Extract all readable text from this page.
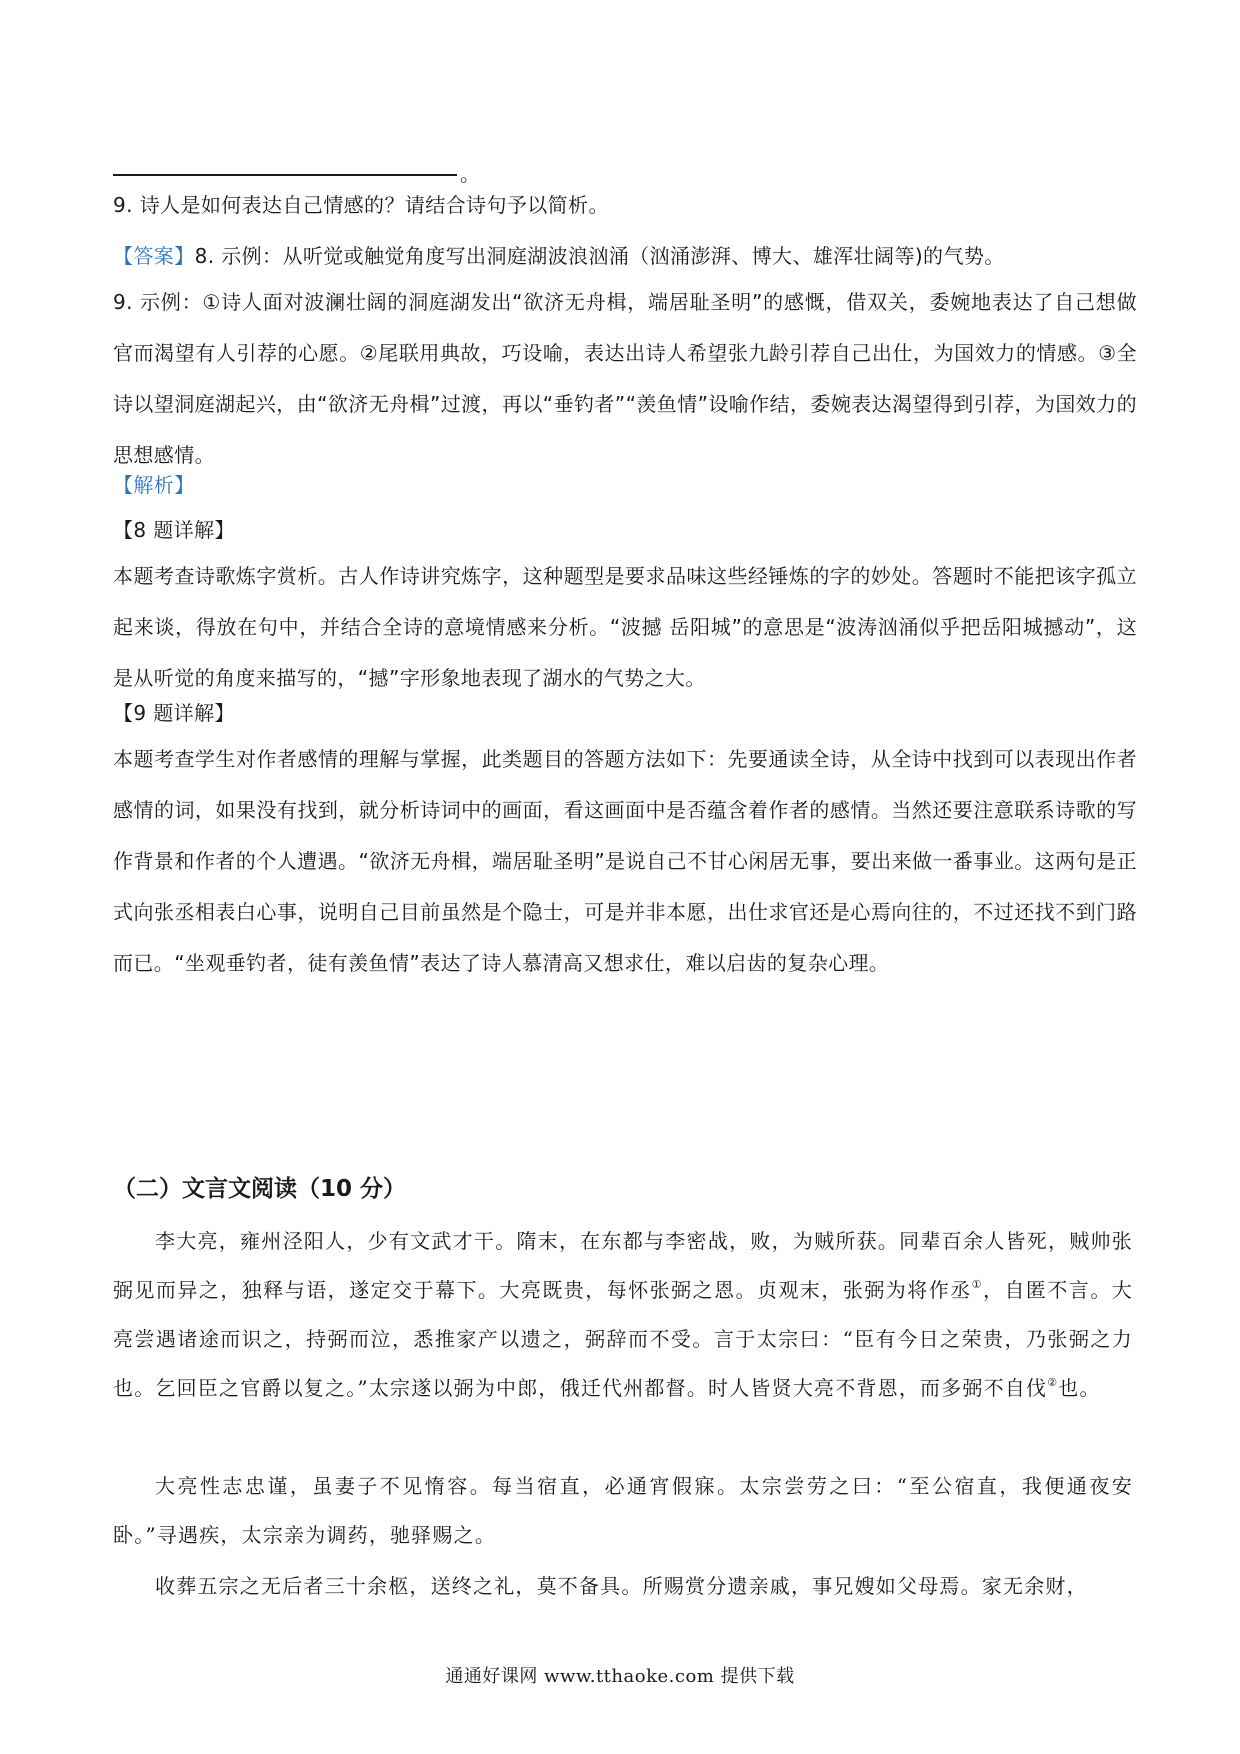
。

9. 诗人是如何表达自己情感的？请结合诗句予以简析。

【答案】8. 示例：从听觉或触觉角度写出洞庭湖波浪汹涌（汹涌澎湃、博大、雄浑壮阔等)的气势。

9. 示例：①诗人面对波澜壮阔的洞庭湖发出“欲济无舟楫，端居耻圣明”的感慨，借双关，委婉地表达了自己想做官而渴望有人引荐的心愿。②尾联用典故，巧设喻，表达出诗人希望张九龄引荐自己出仕，为国效力的情感。③全诗以望洞庭湖起兴，由“欲济无舟楫”过渡，再以“垂钓者”“羡鱼情”设喻作结，委婉表达渴望得到引荐，为国效力的思想感情。

【解析】

【8 题详解】

本题考查诗歌炼字赏析。古人作诗讲究炼字，这种题型是要求品味这些经锤炼的字的妙处。答题时不能把该字孤立起来谈，得放在句中，并结合全诗的意境情感来分析。“波撼 岳阳城”的意思是“波涛汹涌似乎把岳阳城撼动”，这是从听觉的角度来描写的，“撼”字形象地表现了湖水的气势之大。

【9 题详解】

本题考查学生对作者感情的理解与掌握，此类题目的答题方法如下：先要通读全诗，从全诗中找到可以表现出作者感情的词，如果没有找到，就分析诗词中的画面，看这画面中是否蕴含着作者的感情。当然还要注意联系诗歌的写作背景和作者的个人遭遇。“欲济无舟楫，端居耻圣明”是说自己不甘心闲居无事，要出来做一番事业。这两句是正式向张丞相表白心事，说明自己目前虽然是个隐士，可是并非本愿，出仕求官还是心焉向往的，不过还找不到门路而已。“坐观垂钓者，徒有羡鱼情”表达了诗人慕清高又想求仕，难以启齿的复杂心理。

（二）文言文阅读（10 分）

李大亮，雍州泾阳人，少有文武才干。隋末，在东都与李密战，败，为贼所获。同辈百余人皆死，贼帅张弼见而异之，独释与语，遂定交于幕下。大亮既贵，每怀张弼之恩。贞观末，张弼为将作丞①，自匿不言。大亮尝遇诸途而识之，持弼而泣，悉推家产以遗之，弼辞而不受。言于太宗曰：“臣有今日之荣贵，乃张弼之力也。乞回臣之官爵以复之。”太宗遂以弼为中郎，俄迁代州都督。时人皆贤大亮不背恩，而多弼不自伐②也。

大亮性志忠谨，虽妻子不见惰容。每当宿直，必通宵假寐。太宗尝劳之曰：“至公宿直，我便通夜安卧。”寻遇疾，太宗亲为调药，驰驿赐之。

收葬五宗之无后者三十余柩，送终之礼，莫不备具。所赐赏分遗亲戚，事兄嫂如父母焉。家无余财，

通通好课网 www.tthaoke.com 提供下载
